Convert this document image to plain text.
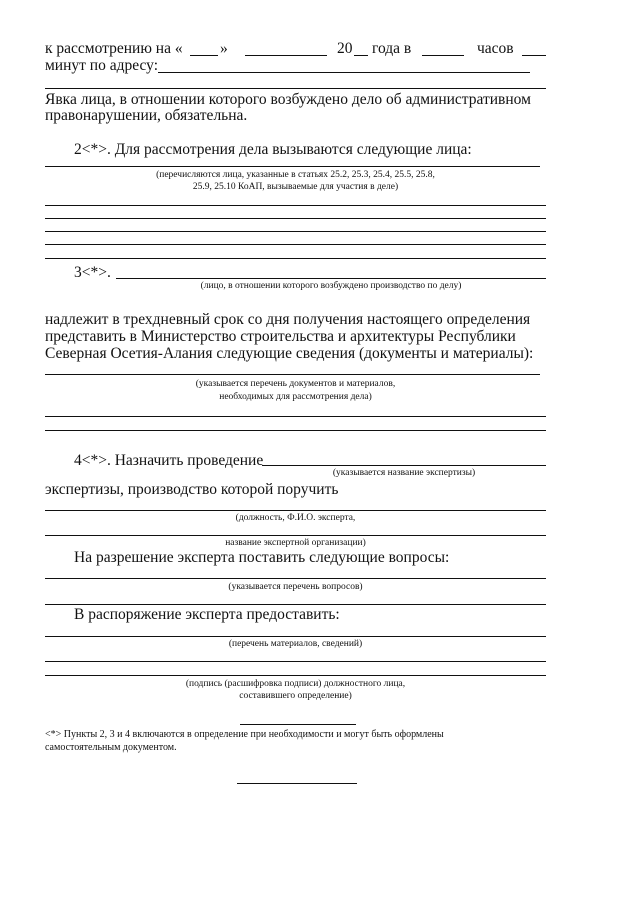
к рассмотрению на « »	20 года в	часов
минут по адресу:
Явка лица, в отношении которого возбуждено дело об административном
правонарушении, обязательна.
2<*>. Для рассмотрения дела вызываются следующие лица:
(перечисляются лица, указанные в статьях 25.2, 25.3, 25.4, 25.5, 25.8,
25.9, 25.10 КоАП, вызываемые для участия в деле)
3<*>.
(лицо, в отношении которого возбуждено производство по делу)
надлежит в трехдневный срок со дня получения настоящего определения
представить в Министерство строительства и архитектуры Республики
Северная Осетия-Алания следующие сведения (документы и материалы):
(указывается перечень документов и материалов,
необходимых для рассмотрения дела)
4<*>. Назначить проведение
(указывается название экспертизы)
экспертизы, производство которой поручить
(должность, Ф.И.О. эксперта,
название экспертной организации)
На разрешение эксперта поставить следующие вопросы:
(указывается перечень вопросов)
В распоряжение эксперта предоставить:
(перечень материалов, сведений)
(подпись (расшифровка подписи) должностного лица,
составившего определение)
<*> Пункты 2, 3 и 4 включаются в определение при необходимости и могут быть оформлены
самостоятельным документом.
